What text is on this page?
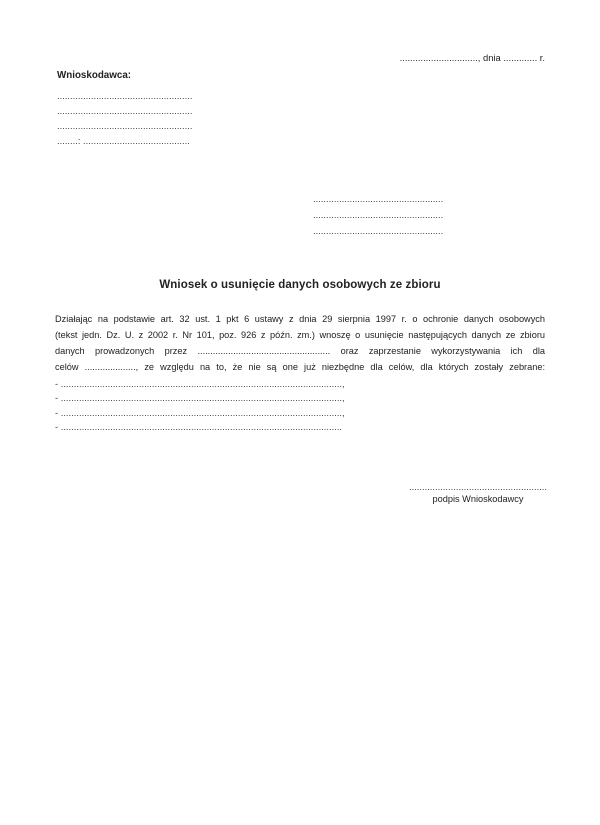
.............................., dnia ............. r.
Wnioskodawca:
....................................................
....................................................
....................................................
........: .........................................
..................................................
..................................................
..................................................
Wniosek o usunięcie danych osobowych ze zbioru
Działając na podstawie art. 32 ust. 1 pkt 6 ustawy z dnia 29 sierpnia 1997 r. o ochronie danych osobowych
(tekst jedn. Dz. U. z 2002 r. Nr 101, poz. 926 z późn. zm.) wnoszę o usunięcie następujących danych ze zbioru
danych prowadzonych przez .................................................... oraz zaprzestanie wykorzystywania ich dla
celów ...................., ze względu na to, że nie są one już niezbędne dla celów, dla których zostały zebrane:
- ............................................................................................................,
- ............................................................................................................,
- ............................................................................................................,
- ............................................................................................................
.....................................................
podpis Wnioskodawcy
